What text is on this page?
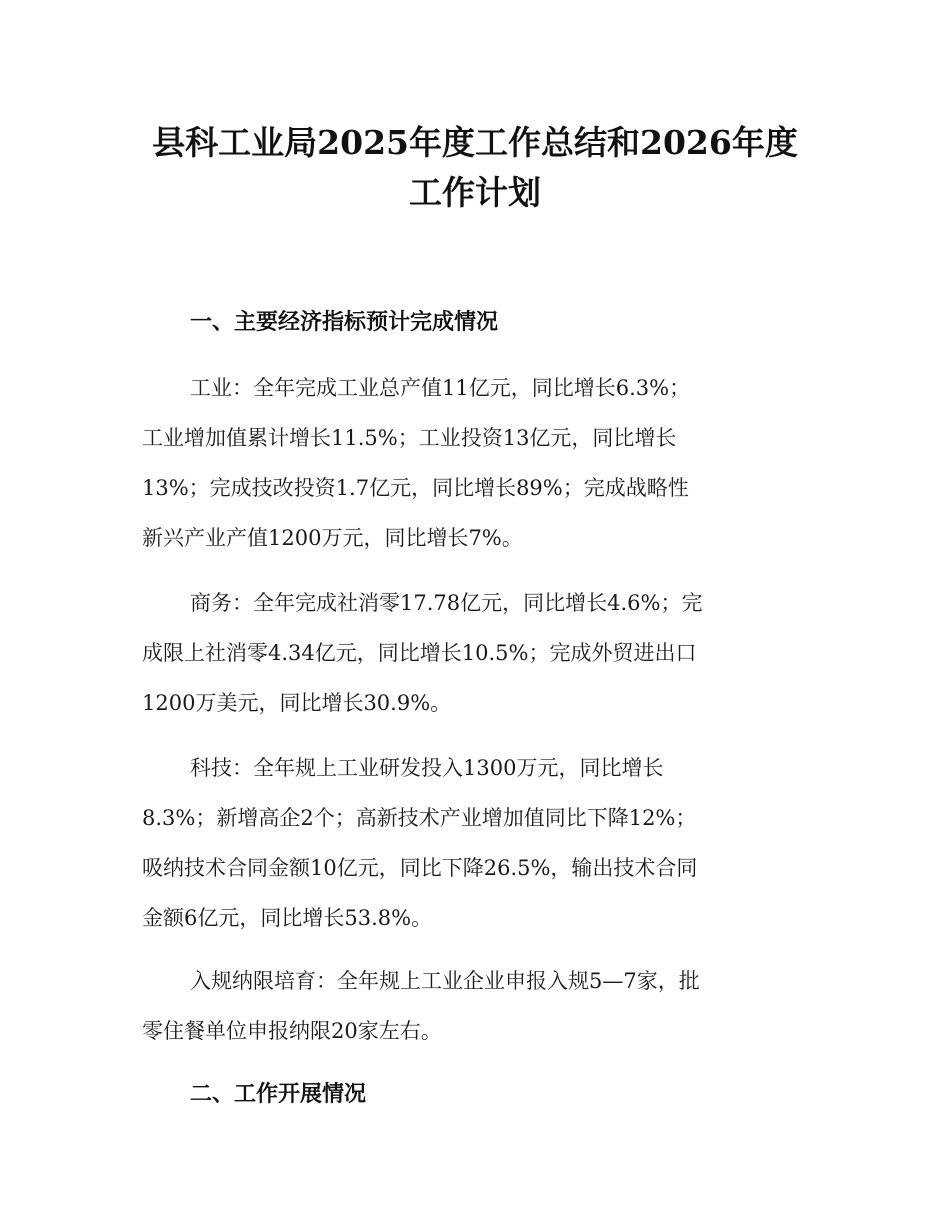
县科工业局2025年度工作总结和2026年度
工作计划
一、主要经济指标预计完成情况

工业：全年完成工业总产值11亿元，同比增长6.3%；
工业增加值累计增长11.5%；工业投资13亿元，同比增长
13%；完成技改投资1.7亿元，同比增长89%；完成战略性
新兴产业产值1200万元，同比增长7%。

商务：全年完成社消零17.78亿元，同比增长4.6%；完
成限上社消零4.34亿元，同比增长10.5%；完成外贸进出口
1200万美元，同比增长30.9%。

科技：全年规上工业研发投入1300万元，同比增长
8.3%；新增高企2个；高新技术产业增加值同比下降12%；
吸纳技术合同金额10亿元，同比下降26.5%，输出技术合同
金额6亿元，同比增长53.8%。

入规纳限培育：全年规上工业企业申报入规5—7家，批
零住餐单位申报纳限20家左右。

二、工作开展情况
